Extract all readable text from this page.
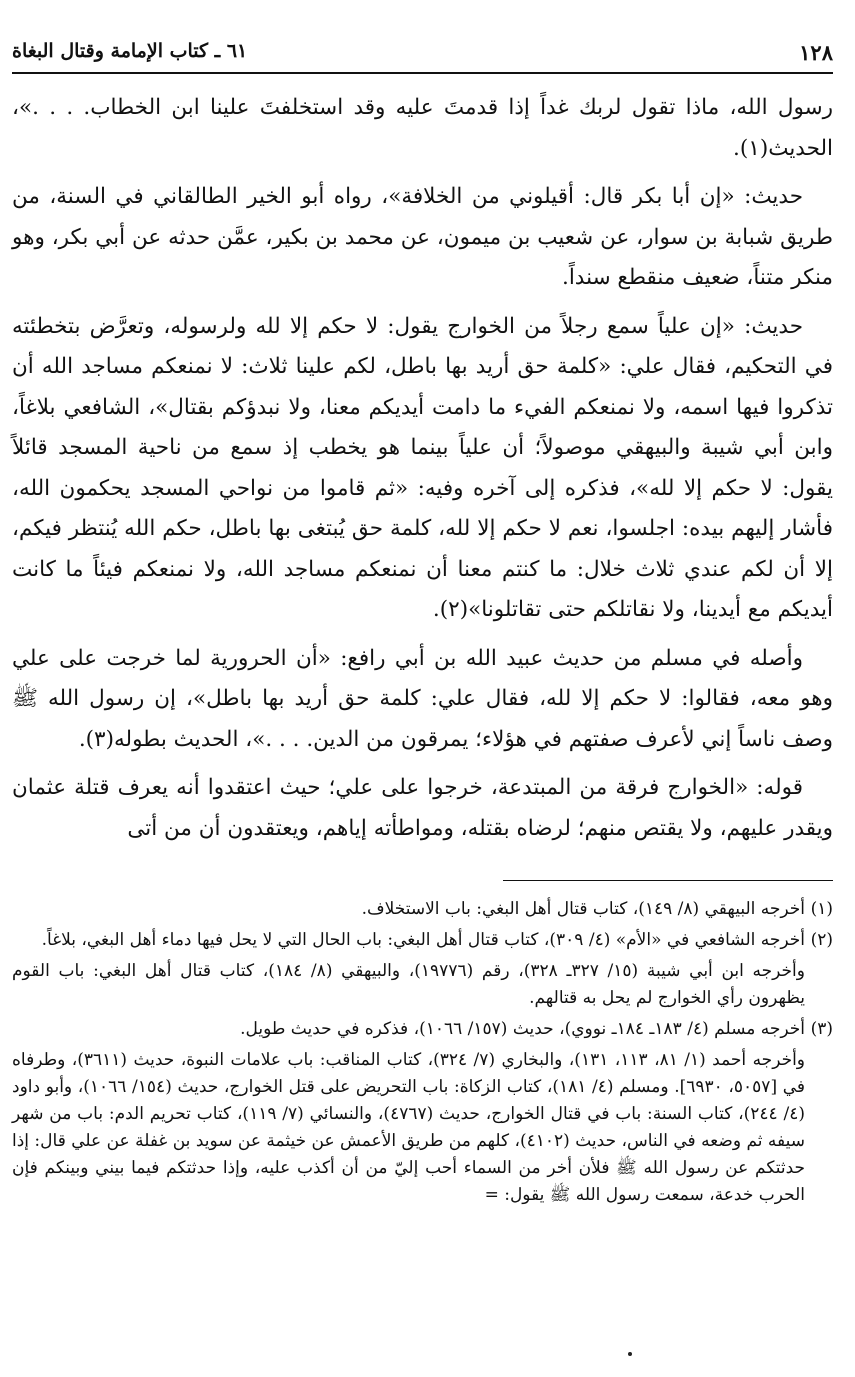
١٢٨
٦١ ـ كتاب الإمامة وقتال البغاة

رسول الله، ماذا تقول لربك غداً إذا قدمتَ عليه وقد استخلفتَ علينا ابن الخطاب. . . .»، الحديث(١).

حديث: «إن أبا بكر قال: أقيلوني من الخلافة»، رواه أبو الخير الطالقاني في السنة، من طريق شبابة بن سوار، عن شعيب بن ميمون، عن محمد بن بكير، عمَّن حدثه عن أبي بكر، وهو منكر متناً، ضعيف منقطع سنداً.

حديث: «إن علياً سمع رجلاً من الخوارج يقول: لا حكم إلا لله ولرسوله، وتعرَّض بتخطئته في التحكيم، فقال علي: «كلمة حق أريد بها باطل، لكم علينا ثلاث: لا نمنعكم مساجد الله أن تذكروا فيها اسمه، ولا نمنعكم الفيء ما دامت أيديكم معنا، ولا نبدؤكم بقتال»، الشافعي بلاغاً، وابن أبي شيبة والبيهقي موصولاً؛ أن علياً بينما هو يخطب إذ سمع من ناحية المسجد قائلاً يقول: لا حكم إلا لله»، فذكره إلى آخره وفيه: «ثم قاموا من نواحي المسجد يحكمون الله، فأشار إليهم بيده: اجلسوا، نعم لا حكم إلا لله، كلمة حق يُبتغى بها باطل، حكم الله يُنتظر فيكم، إلا أن لكم عندي ثلاث خلال: ما كنتم معنا أن نمنعكم مساجد الله، ولا نمنعكم فيئاً ما كانت أيديكم مع أيدينا، ولا نقاتلكم حتى تقاتلونا»(٢).

وأصله في مسلم من حديث عبيد الله بن أبي رافع: «أن الحرورية لما خرجت على علي وهو معه، فقالوا: لا حكم إلا لله، فقال علي: كلمة حق أريد بها باطل»، إن رسول الله ﷺ وصف ناساً إني لأعرف صفتهم في هؤلاء؛ يمرقون من الدين. . . .»، الحديث بطوله(٣).

قوله: «الخوارج فرقة من المبتدعة، خرجوا على علي؛ حيث اعتقدوا أنه يعرف قتلة عثمان ويقدر عليهم، ولا يقتص منهم؛ لرضاه بقتله، ومواطأته إياهم، ويعتقدون أن من أتى

(١)
أخرجه البيهقي (٨/ ١٤٩)، كتاب قتال أهل البغي: باب الاستخلاف.
(٢)
أخرجه الشافعي في «الأم» (٤/ ٣٠٩)، كتاب قتال أهل البغي: باب الحال التي لا يحل فيها دماء أهل البغي، بلاغاً.
وأخرجه ابن أبي شيبة (١٥/ ٣٢٧ـ ٣٢٨)، رقم (١٩٧٧٦)، والبيهقي (٨/ ١٨٤)، كتاب قتال أهل البغي: باب القوم يظهرون رأي الخوارج لم يحل به قتالهم.
(٣)
أخرجه مسلم (٤/ ١٨٣ـ ١٨٤ـ نووي)، حديث (١٥٧/ ١٠٦٦)، فذكره في حديث طويل.
وأخرجه أحمد (١/ ٨١، ١١٣، ١٣١)، والبخاري (٧/ ٣٢٤)، كتاب المناقب: باب علامات النبوة، حديث (٣٦١١)، وطرفاه في [٥٠٥٧، ٦٩٣٠]. ومسلم (٤/ ١٨١)، كتاب الزكاة: باب التحريض على قتل الخوارج، حديث (١٥٤/ ١٠٦٦)، وأبو داود (٤/ ٢٤٤)، كتاب السنة: باب في قتال الخوارج، حديث (٤٧٦٧)، والنسائي (٧/ ١١٩)، كتاب تحريم الدم: باب من شهر سيفه ثم وضعه في الناس، حديث (٤١٠٢)، كلهم من طريق الأعمش عن خيثمة عن سويد بن غفلة عن علي قال: إذا حدثتكم عن رسول الله ﷺ فلأن أخر من السماء أحب إليّ من أن أكذب عليه، وإذا حدثتكم فيما بيني وبينكم فإن الحرب خدعة، سمعت رسول الله ﷺ يقول: =
